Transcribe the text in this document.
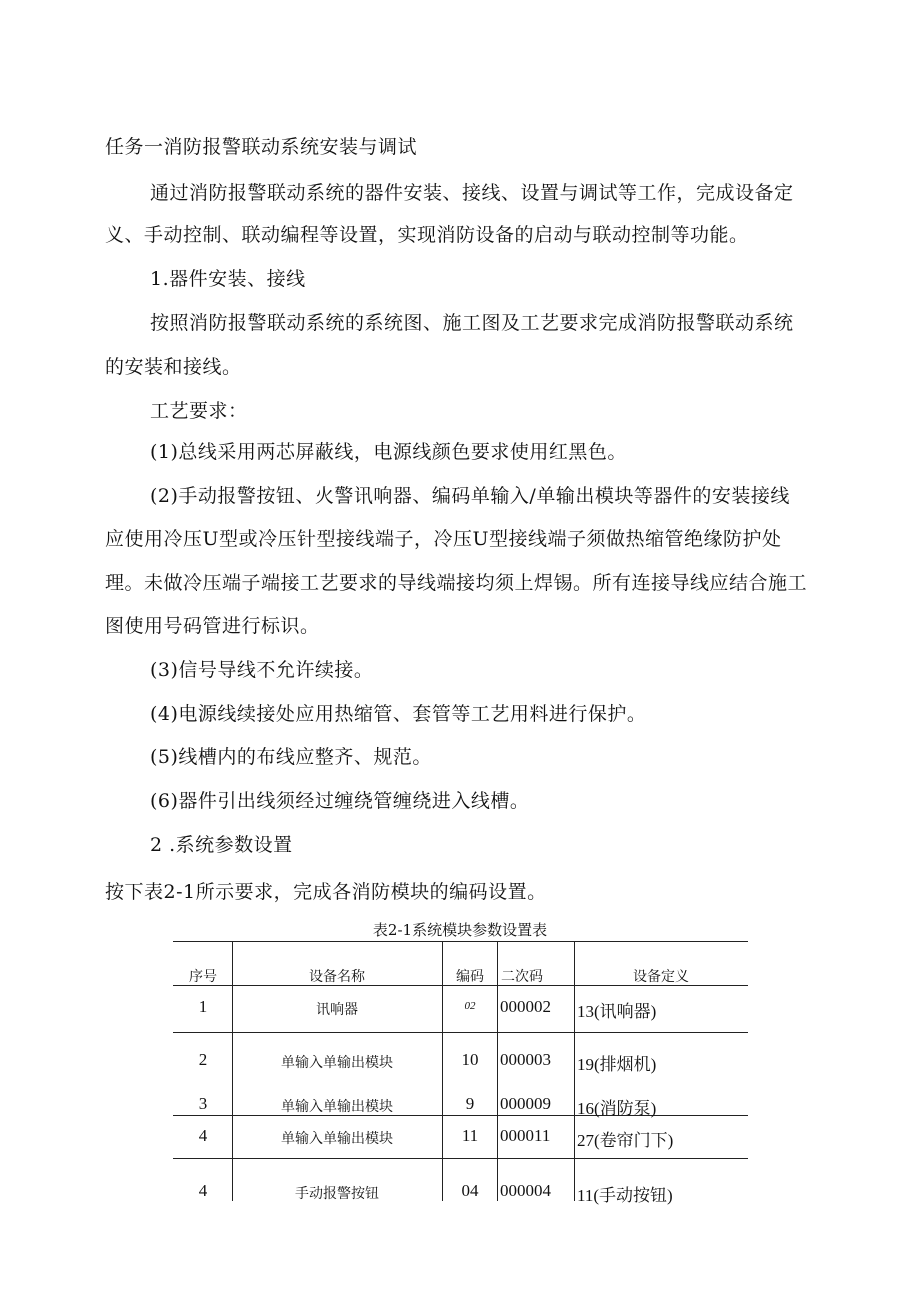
任务一消防报警联动系统安装与调试
通过消防报警联动系统的器件安装、接线、设置与调试等工作，完成设备定
义、手动控制、联动编程等设置，实现消防设备的启动与联动控制等功能。
1.器件安装、接线
按照消防报警联动系统的系统图、施工图及工艺要求完成消防报警联动系统
的安装和接线。
工艺要求：
(1)总线采用两芯屏蔽线，电源线颜色要求使用红黑色。
(2)手动报警按钮、火警讯响器、编码单输入/单输出模块等器件的安装接线
应使用冷压U型或冷压针型接线端子，冷压U型接线端子须做热缩管绝缘防护处
理。未做冷压端子端接工艺要求的导线端接均须上焊锡。所有连接导线应结合施工
图使用号码管进行标识。
(3)信号导线不允许续接。
(4)电源线续接处应用热缩管、套管等工艺用料进行保护。
(5)线槽内的布线应整齐、规范。
(6)器件引出线须经过缠绕管缠绕进入线槽。
2 .系统参数设置
按下表2-1所示要求，完成各消防模块的编码设置。
表2-1系统模块参数设置表
序号	设备名称	编码 二次码	设备定义
1	讯响器	02 000002 13(讯响器)
2	单输入单输出模块	10 000003 19(排烟机)
3	单输入单输出模块	9 000009 16(消防泵)
4	单输入单输出模块	11 000011 27(卷帘门下)
4	手动报警按钮	04 000004 11(手动按钮)
